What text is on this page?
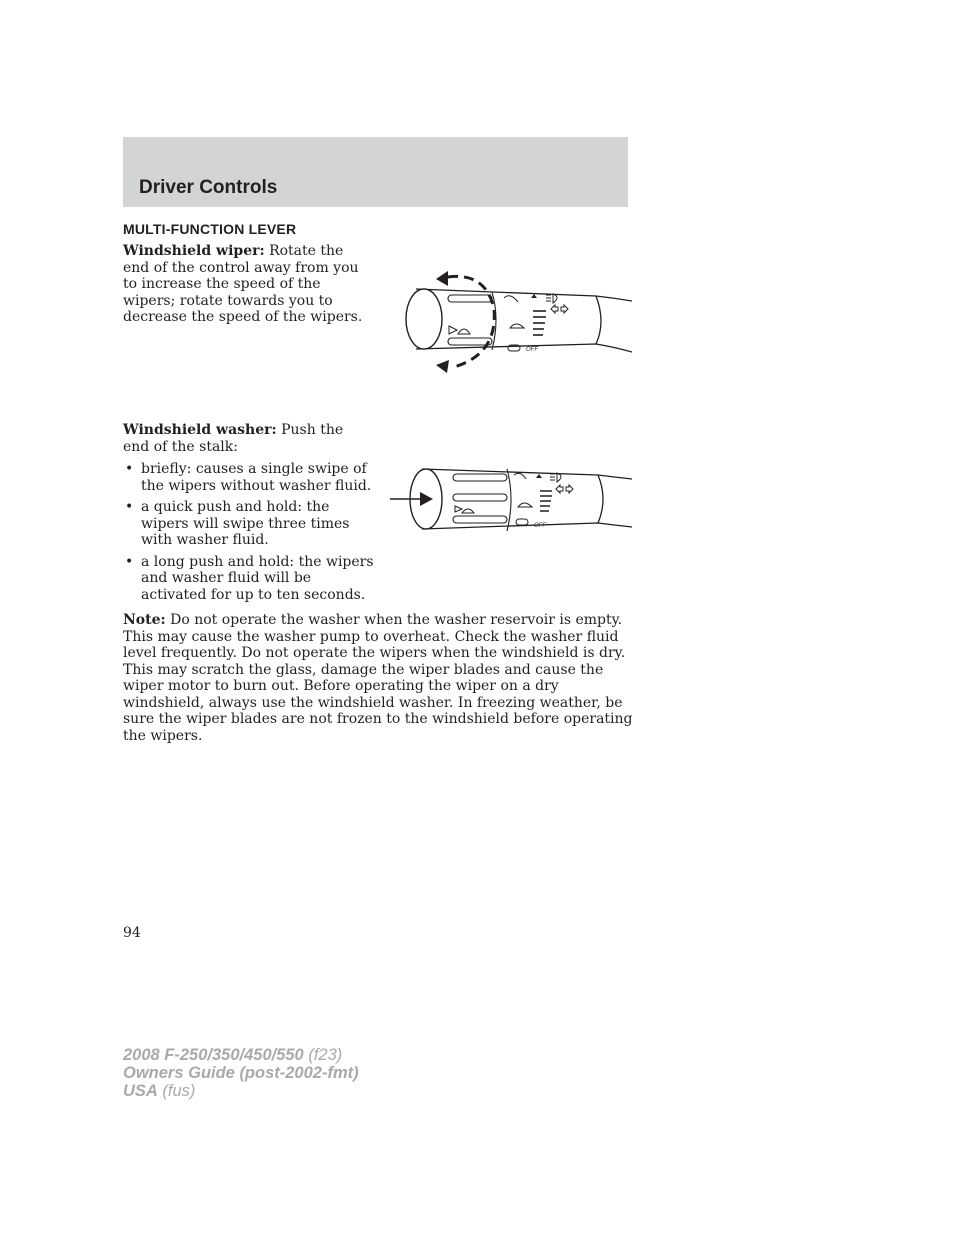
Driver Controls
MULTI-FUNCTION LEVER

Windshield wiper: Rotate the end of the control away from you to increase the speed of the wipers; rotate towards you to decrease the speed of the wipers.

OFF

Windshield washer: Push the end of the stalk:

• briefly: causes a single swipe of the wipers without washer fluid.
• a quick push and hold: the wipers will swipe three times with washer fluid.
• a long push and hold: the wipers and washer fluid will be activated for up to ten seconds.
OFF

Note: Do not operate the washer when the washer reservoir is empty. This may cause the washer pump to overheat. Check the washer fluid level frequently. Do not operate the wipers when the windshield is dry. This may scratch the glass, damage the wiper blades and cause the wiper motor to burn out. Before operating the wiper on a dry windshield, always use the windshield washer. In freezing weather, be sure the wiper blades are not frozen to the windshield before operating the wipers.

94

2008 F-250/350/450/550 (f23)
Owners Guide (post-2002-fmt)
USA (fus)
